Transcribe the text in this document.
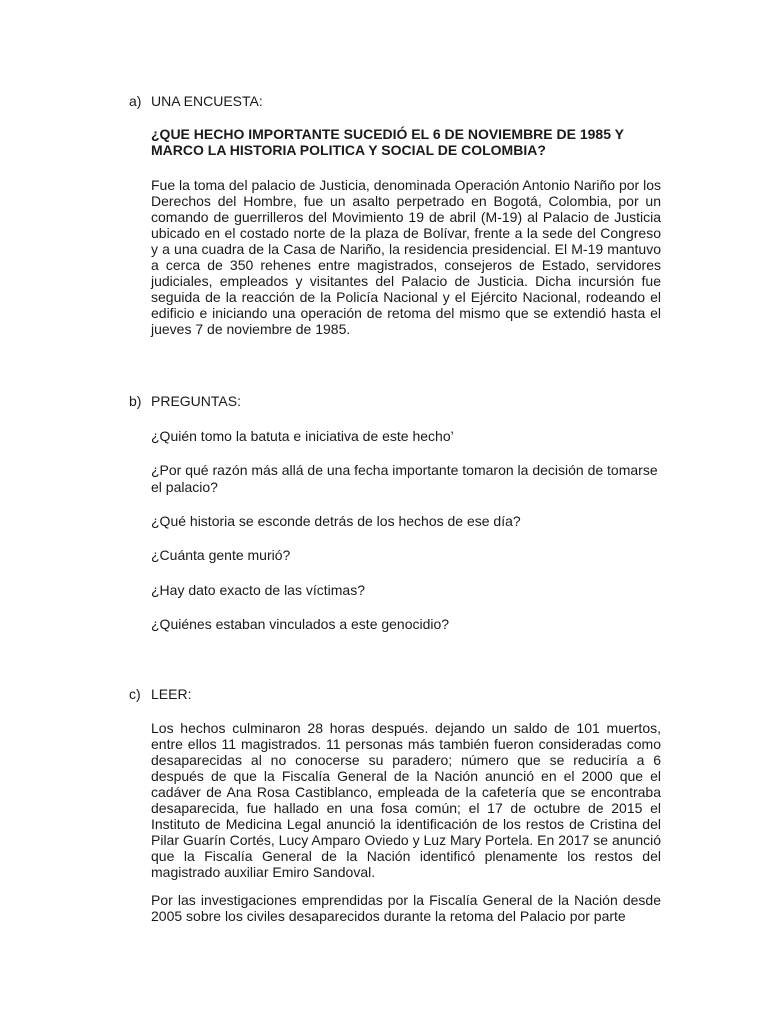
a) UNA ENCUESTA:
¿QUE HECHO IMPORTANTE SUCEDIÓ EL 6 DE NOVIEMBRE DE 1985 Y MARCO LA HISTORIA POLITICA Y SOCIAL DE COLOMBIA?
Fue la toma del palacio de Justicia, denominada Operación Antonio Nariño por los Derechos del Hombre, fue un asalto perpetrado en Bogotá, Colombia, por un comando de guerrilleros del Movimiento 19 de abril (M-19) al Palacio de Justicia ubicado en el costado norte de la plaza de Bolívar, frente a la sede del Congreso y a una cuadra de la Casa de Nariño, la residencia presidencial. El M-19 mantuvo a cerca de 350 rehenes entre magistrados, consejeros de Estado, servidores judiciales, empleados y visitantes del Palacio de Justicia. Dicha incursión fue seguida de la reacción de la Policía Nacional y el Ejército Nacional, rodeando el edificio e iniciando una operación de retoma del mismo que se extendió hasta el jueves 7 de noviembre de 1985.
b) PREGUNTAS:
¿Quién tomo la batuta e iniciativa de este hecho’
¿Por qué razón más allá de una fecha importante tomaron la decisión de tomarse el palacio?
¿Qué historia se esconde detrás de los hechos de ese día?
¿Cuánta gente murió?
¿Hay dato exacto de las víctimas?
¿Quiénes estaban vinculados a este genocidio?
c) LEER:
Los hechos culminaron 28 horas después. dejando un saldo de 101 muertos, entre ellos 11 magistrados. 11 personas más también fueron consideradas como desaparecidas al no conocerse su paradero; número que se reduciría a 6 después de que la Fiscalía General de la Nación anunció en el 2000 que el cadáver de Ana Rosa Castiblanco, empleada de la cafetería que se encontraba desaparecida, fue hallado en una fosa común; el 17 de octubre de 2015 el Instituto de Medicina Legal anunció la identificación de los restos de Cristina del Pilar Guarín Cortés, Lucy Amparo Oviedo y Luz Mary Portela. En 2017 se anunció que la Fiscalía General de la Nación identificó plenamente los restos del magistrado auxiliar Emiro Sandoval.
Por las investigaciones emprendidas por la Fiscalía General de la Nación desde 2005 sobre los civiles desaparecidos durante la retoma del Palacio por parte
